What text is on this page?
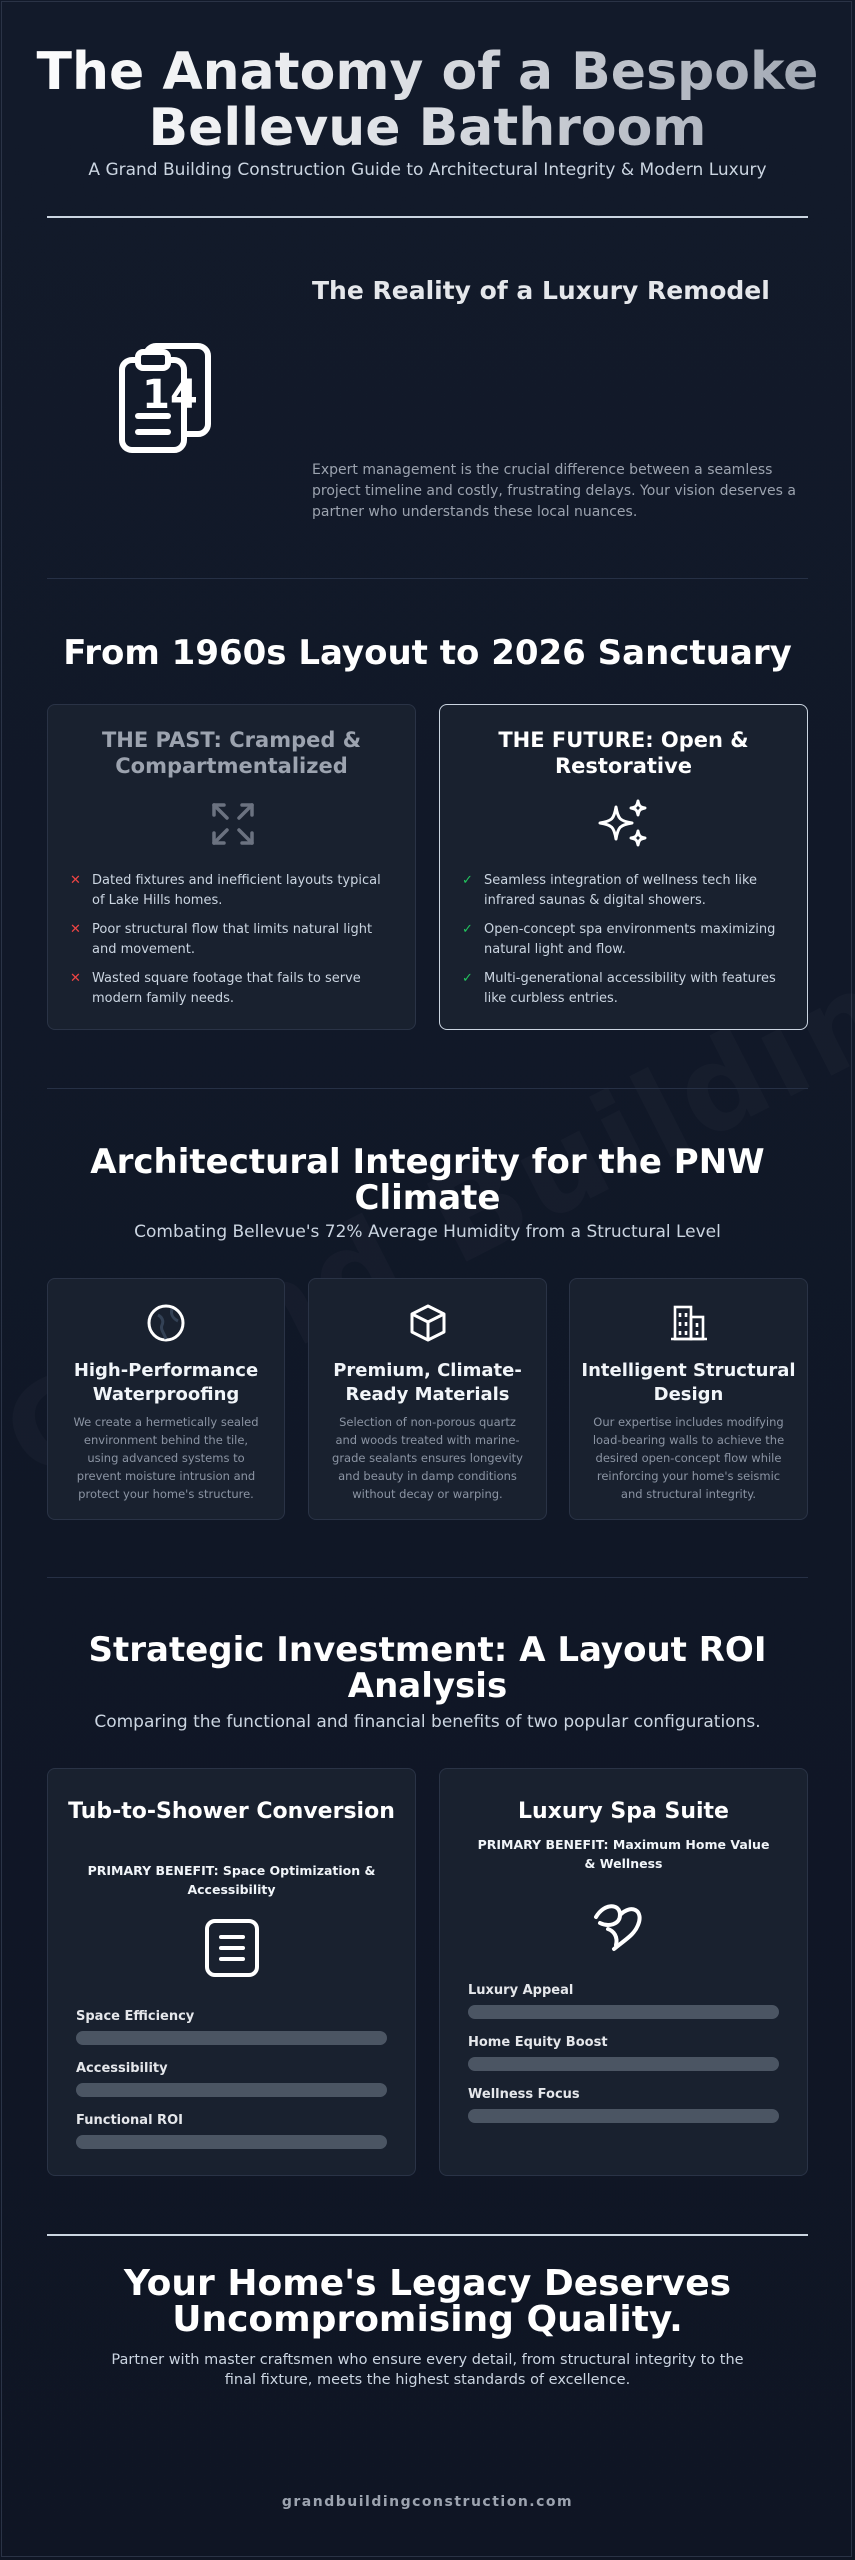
The Anatomy of a Bespoke Bellevue Bathroom
A Grand Building Construction Guide to Architectural Integrity & Modern Luxury
14
The Reality of a Luxury Remodel
Expert management is the crucial difference between a seamless project timeline and costly, frustrating delays. Your vision deserves a partner who understands these local nuances.
From 1960s Layout to 2026 Sanctuary
THE PAST: Cramped & Compartmentalized
✕ Dated fixtures and inefficient layouts typical of Lake Hills homes.
✕ Poor structural flow that limits natural light and movement.
✕ Wasted square footage that fails to serve modern family needs.
THE FUTURE: Open & Restorative
✓ Seamless integration of wellness tech like infrared saunas & digital showers.
✓ Open-concept spa environments maximizing natural light and flow.
✓ Multi-generational accessibility with features like curbless entries.
Architectural Integrity for the PNW Climate
Combating Bellevue's 72% Average Humidity from a Structural Level
High-Performance Waterproofing

We create a hermetically sealed environment behind the tile, using advanced systems to prevent moisture intrusion and protect your home's structure.

Premium, Climate-Ready Materials

Selection of non-porous quartz and woods treated with marine-grade sealants ensures longevity and beauty in damp conditions without decay or warping.

Intelligent Structural Design

Our expertise includes modifying load-bearing walls to achieve the desired open-concept flow while reinforcing your home's seismic and structural integrity.

Strategic Investment: A Layout ROI Analysis
Comparing the functional and financial benefits of two popular configurations.
Tub-to-Shower Conversion
PRIMARY BENEFIT: Space Optimization & Accessibility
Space Efficiency
Accessibility
Functional ROI
Luxury Spa Suite
PRIMARY BENEFIT: Maximum Home Value & Wellness
Luxury Appeal
Home Equity Boost
Wellness Focus
Your Home's Legacy Deserves Uncompromising Quality.
Partner with master craftsmen who ensure every detail, from structural integrity to the final fixture, meets the highest standards of excellence.
grandbuildingconstruction.com
